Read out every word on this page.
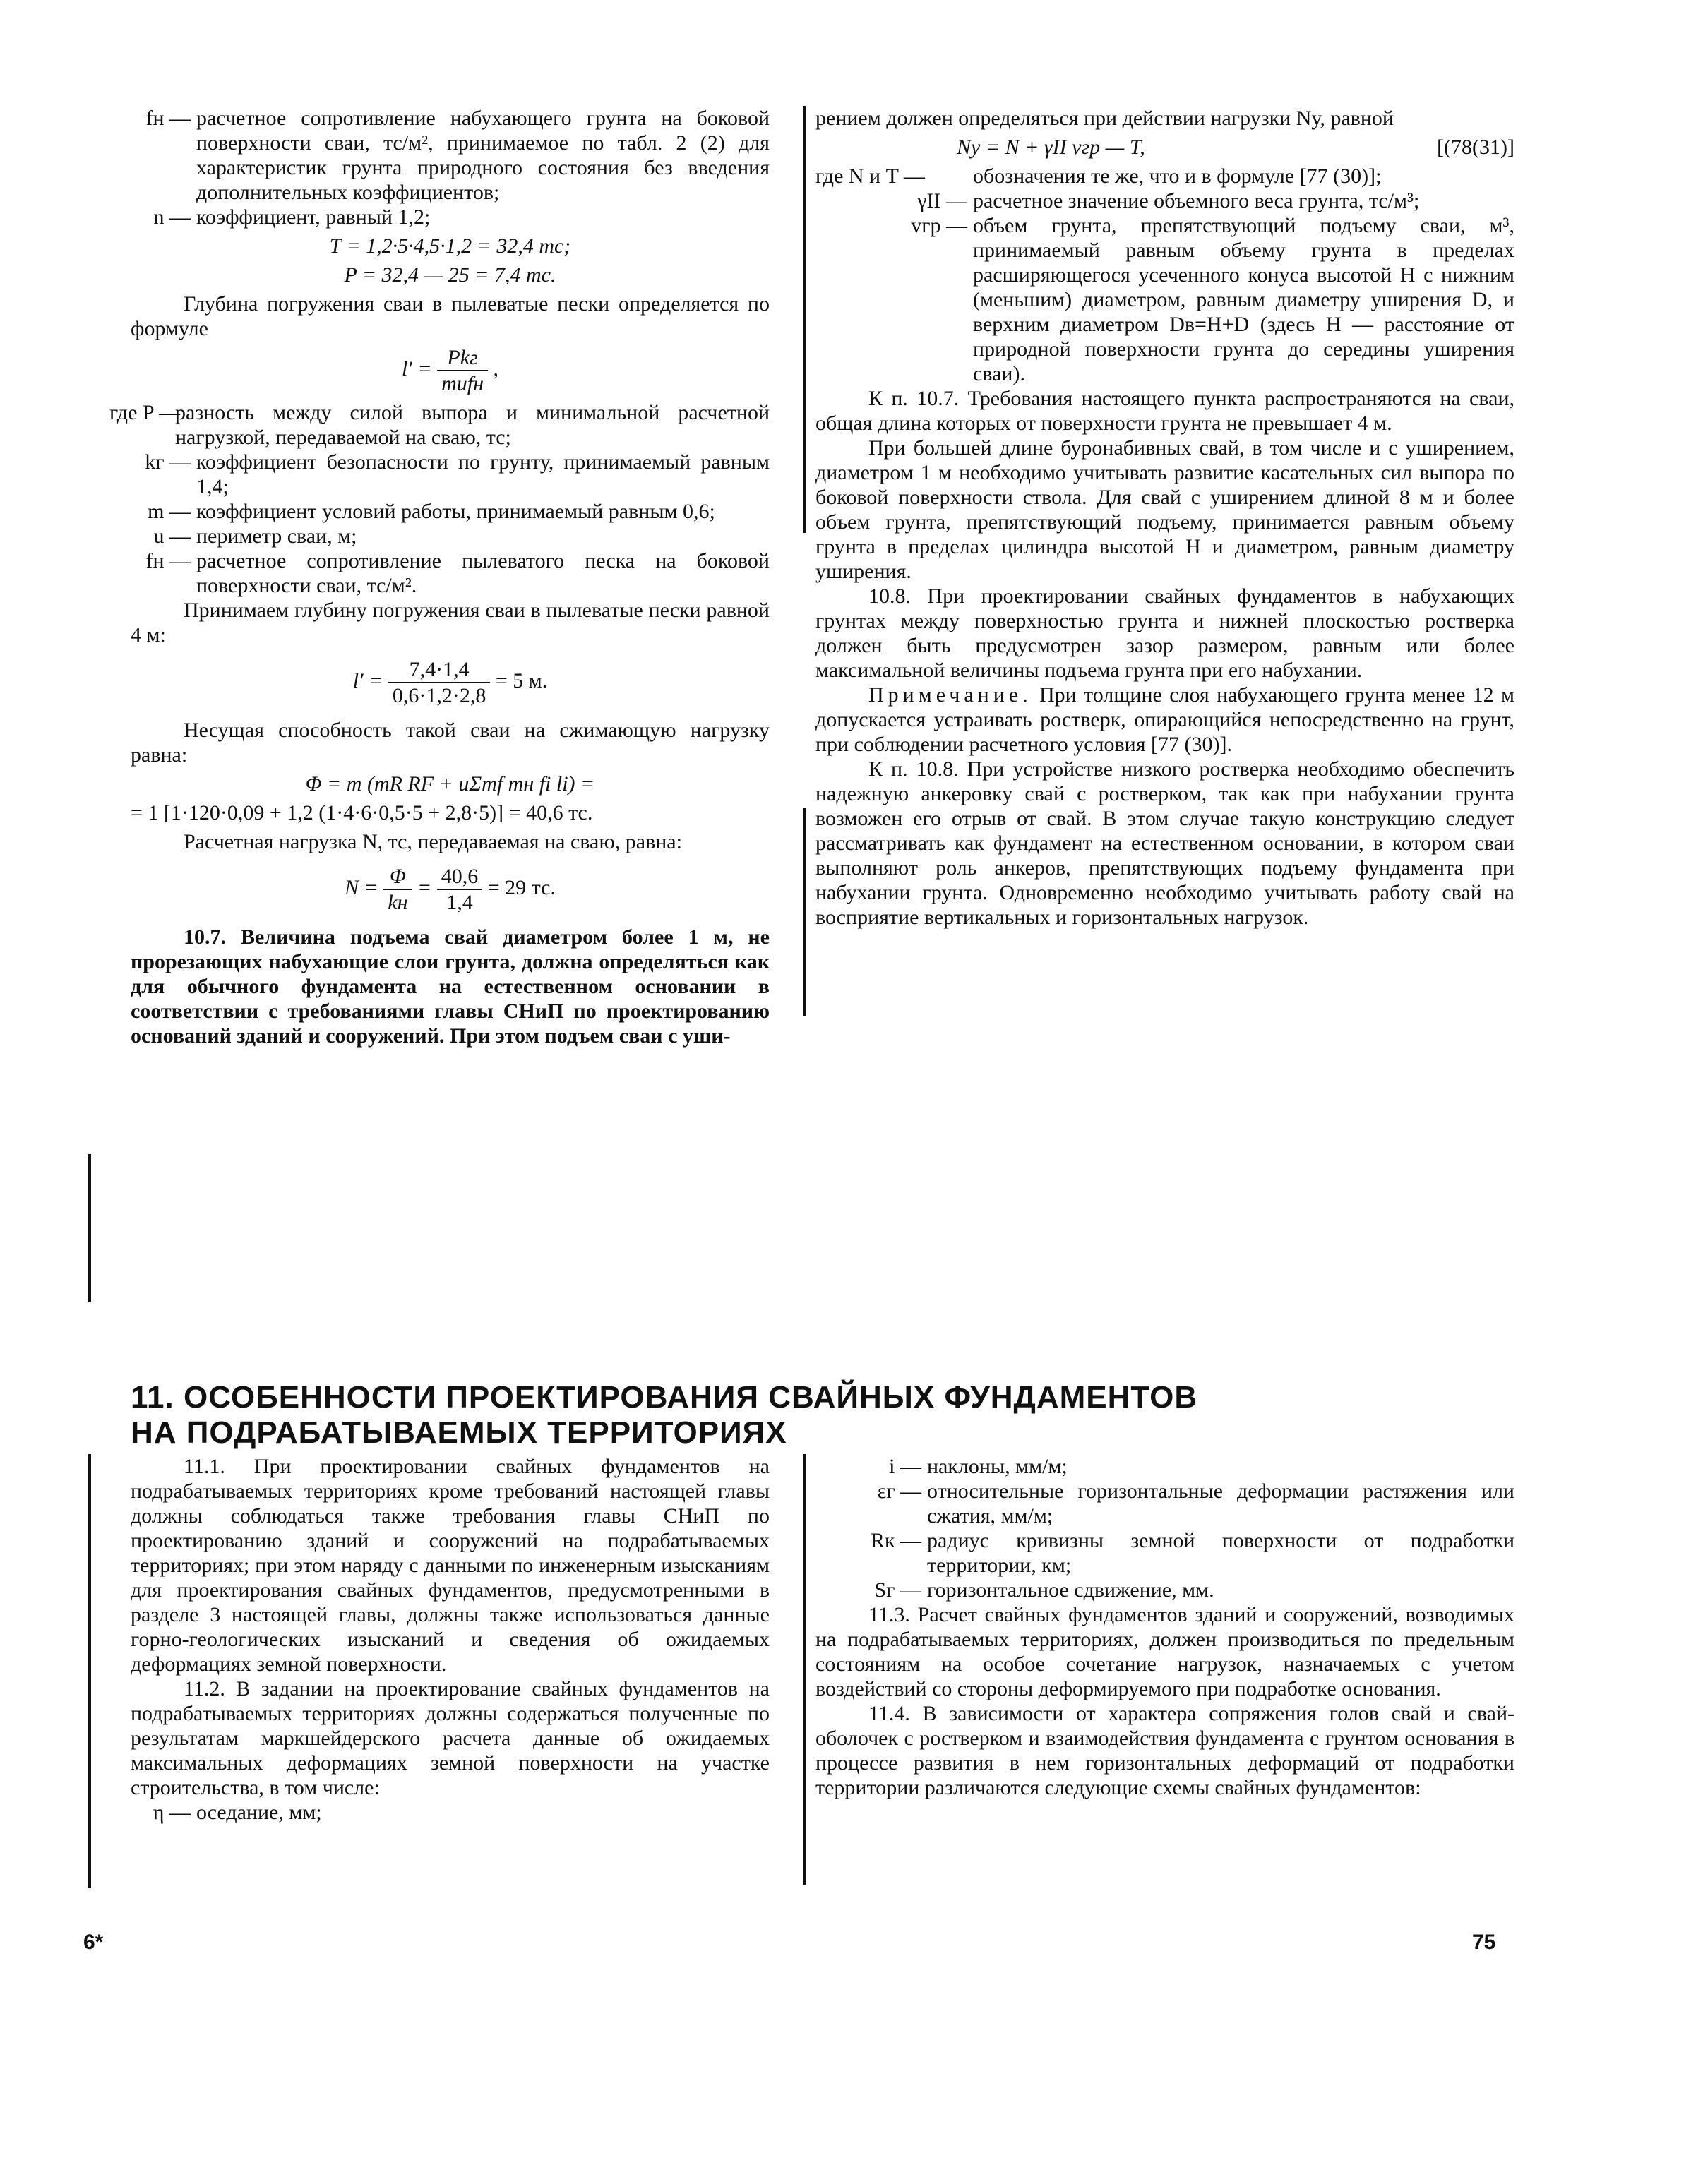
fн — расчетное сопротивление набухающего грунта на боковой поверхности сваи, тс/м², принимаемое по табл. 2 (2) для характеристик грунта природного состояния без введения дополнительных коэффициентов;
n — коэффициент, равный 1,2;
T = 1,2·5·4,5·1,2 = 32,4 тс;
P = 32,4 — 25 = 7,4 тс.

Глубина погружения сваи в пылеватые пески определяется по формуле

$l' = \frac{\text{Pkг}}{\text{mufн}}$ ,
где P —
разность между силой выпора и минимальной расчетной нагрузкой, передаваемой на сваю, тс;
kг — коэффициент безопасности по грунту, принимаемый равным 1,4;
m — коэффициент условий работы, принимаемый равным 0,6;
u — периметр сваи, м;
fн — расчетное сопротивление пылеватого песка на боковой поверхности сваи, тс/м².

Принимаем глубину погружения сваи в пылеватые пески равной 4 м:

$l' = \frac{7,4\cdot 1,4}{0,6\cdot 1,2\cdot 2,8} = 5$ м.

Несущая способность такой сваи на сжимающую нагрузку равна:

Φ = m (mR RF + uΣmf mн fi li) =
= 1 [1·120·0,09 + 1,2 (1·4·6·0,5·5 + 2,8·5)] = 40,6 тс.

Расчетная нагрузка N, тс, передаваемая на сваю, равна:

$N = \frac{\Phi}{kн} = \frac{40,6}{1,4} = 29$ тс.

10.7. Величина подъема свай диаметром более 1 м, не прорезающих набухающие слои грунта, должна определяться как для обычного фундамента на естественном основании в соответствии с требованиями главы СНиП по проектированию оснований зданий и сооружений. При этом подъем сваи с уши-

рением должен определяться при действии нагрузки Nу, равной

Nу = N + γII vгр — T,	[(78(31)]
где N и T —	обозначения те же, что и в формуле [77 (30)];
γII — расчетное значение объемного веса грунта, тс/м³;
vгр — объем грунта, препятствующий подъему сваи, м³, принимаемый равным объему грунта в пределах расширяющегося усеченного конуса высотой H с нижним (меньшим) диаметром, равным диаметру уширения D, и верхним диаметром Dв=H+D (здесь H — расстояние от природной поверхности грунта до середины уширения сваи).

К п. 10.7. Требования настоящего пункта распространяются на сваи, общая длина которых от поверхности грунта не превышает 4 м.

При большей длине буронабивных свай, в том числе и с уширением, диаметром 1 м необходимо учитывать развитие касательных сил выпора по боковой поверхности ствола. Для свай с уширением длиной 8 м и более объем грунта, препятствующий подъему, принимается равным объему грунта в пределах цилиндра высотой H и диаметром, равным диаметру уширения.

10.8. При проектировании свайных фундаментов в набухающих грунтах между поверхностью грунта и нижней плоскостью ростверка должен быть предусмотрен зазор размером, равным или более максимальной величины подъема грунта при его набухании.

Примечание. При толщине слоя набухающего грунта менее 12 м допускается устраивать ростверк, опирающийся непосредственно на грунт, при соблюдении расчетного условия [77 (30)].

К п. 10.8. При устройстве низкого ростверка необходимо обеспечить надежную анкеровку свай с ростверком, так как при набухании грунта возможен его отрыв от свай. В этом случае такую конструкцию следует рассматривать как фундамент на естественном основании, в котором сваи выполняют роль анкеров, препятствующих подъему фундамента при набухании грунта. Одновременно необходимо учитывать работу свай на восприятие вертикальных и горизонтальных нагрузок.

11. ОСОБЕННОСТИ ПРОЕКТИРОВАНИЯ СВАЙНЫХ ФУНДАМЕНТОВ
НА ПОДРАБАТЫВАЕМЫХ ТЕРРИТОРИЯХ

11.1. При проектировании свайных фундаментов на подрабатываемых территориях кроме требований настоящей главы должны соблюдаться также требования главы СНиП по проектированию зданий и сооружений на подрабатываемых территориях; при этом наряду с данными по инженерным изысканиям для проектирования свайных фундаментов, предусмотренными в разделе 3 настоящей главы, должны также использоваться данные горно-геологических изысканий и сведения об ожидаемых деформациях земной поверхности.

11.2. В задании на проектирование свайных фундаментов на подрабатываемых территориях должны содержаться полученные по результатам маркшейдерского расчета данные об ожидаемых максимальных деформациях земной поверхности на участке строительства, в том числе:

η — оседание, мм;
i — наклоны, мм/м;
εг — относительные горизонтальные деформации растяжения или сжатия, мм/м;
Rк — радиус кривизны земной поверхности от подработки территории, км;
Sг — горизонтальное сдвижение, мм.

11.3. Расчет свайных фундаментов зданий и сооружений, возводимых на подрабатываемых территориях, должен производиться по предельным состояниям на особое сочетание нагрузок, назначаемых с учетом воздействий со стороны деформируемого при подработке основания.

11.4. В зависимости от характера сопряжения голов свай и свай-оболочек с ростверком и взаимодействия фундамента с грунтом основания в процессе развития в нем горизонтальных деформаций от подработки территории различаются следующие схемы свайных фундаментов:

6*	75
